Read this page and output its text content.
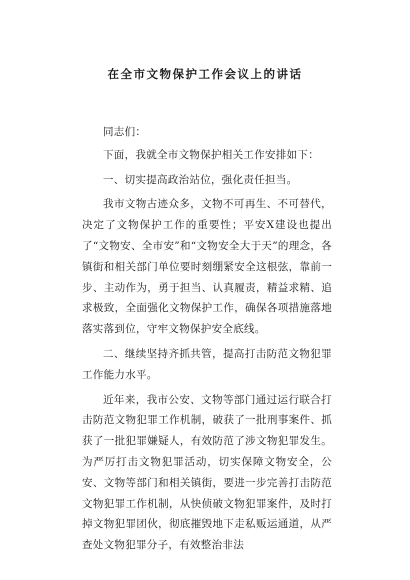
在全市文物保护工作会议上的讲话

同志们：

下面，我就全市文物保护相关工作安排如下：

一、切实提高政治站位，强化责任担当。

我市文物古迹众多，文物不可再生、不可替代，决定了文物保护工作的重要性；平安X建设也提出了“文物安、全市安”和“文物安全大于天”的理念，各镇街和相关部门单位要时刻绷紧安全这根弦，靠前一步、主动作为，勇于担当、认真履责，精益求精、追求极致，全面强化文物保护工作，确保各项措施落地落实落到位，守牢文物保护安全底线。

二、继续坚持齐抓共管，提高打击防范文物犯罪工作能力水平。

近年来，我市公安、文物等部门通过运行联合打击防范文物犯罪工作机制，破获了一批刑事案件、抓获了一批犯罪嫌疑人，有效防范了涉文物犯罪发生。为严厉打击文物犯罪活动，切实保障文物安全，公安、文物等部门和相关镇街，要进一步完善打击防范文物犯罪工作机制，从快侦破文物犯罪案件，及时打掉文物犯罪团伙，彻底摧毁地下走私贩运通道，从严查处文物犯罪分子，有效整治非法
